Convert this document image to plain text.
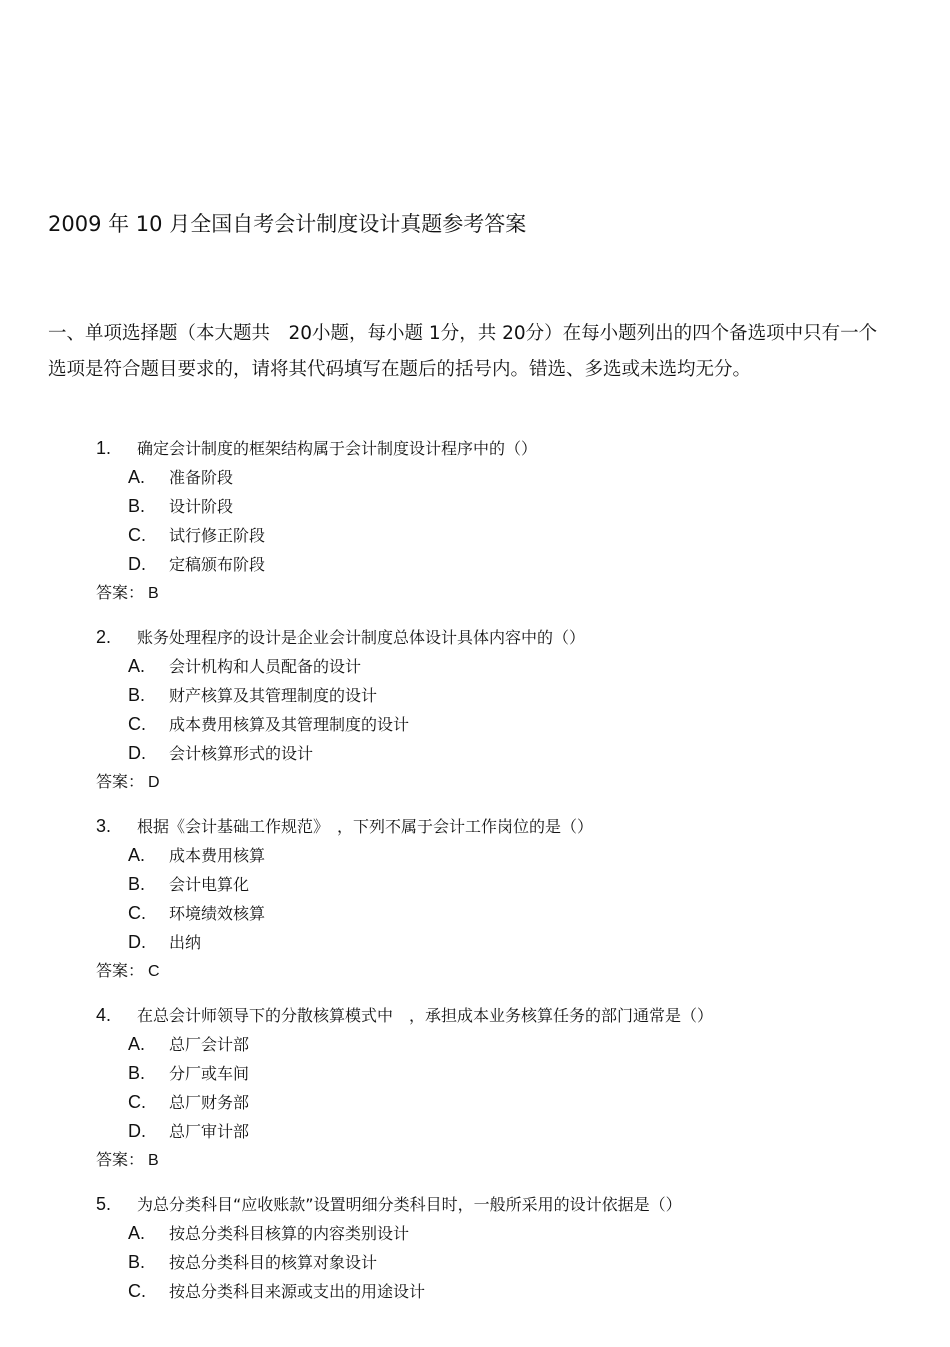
2009 年 10 月全国自考会计制度设计真题参考答案
一、单项选择题（本大题共　20小题，每小题 1分，共 20分）在每小题列出的四个备选项中只有一个选项是符合题目要求的，请将其代码填写在题后的括号内。错选、多选或未选均无分。
1. 确定会计制度的框架结构属于会计制度设计程序中的（）
A. 准备阶段
B. 设计阶段
C. 试行修正阶段
D. 定稿颁布阶段
答案： B
2. 账务处理程序的设计是企业会计制度总体设计具体内容中的（）
A. 会计机构和人员配备的设计
B. 财产核算及其管理制度的设计
C. 成本费用核算及其管理制度的设计
D. 会计核算形式的设计
答案： D
3. 根据《会计基础工作规范》　，下列不属于会计工作岗位的是（）
A. 成本费用核算
B. 会计电算化
C. 环境绩效核算
D. 出纳
答案： C
4. 在总会计师领导下的分散核算模式中　，承担成本业务核算任务的部门通常是（）
A. 总厂会计部
B. 分厂或车间
C. 总厂财务部
D. 总厂审计部
答案： B
5. 为总分类科目“应收账款”设置明细分类科目时，一般所采用的设计依据是（）
A. 按总分类科目核算的内容类别设计
B. 按总分类科目的核算对象设计
C. 按总分类科目来源或支出的用途设计
